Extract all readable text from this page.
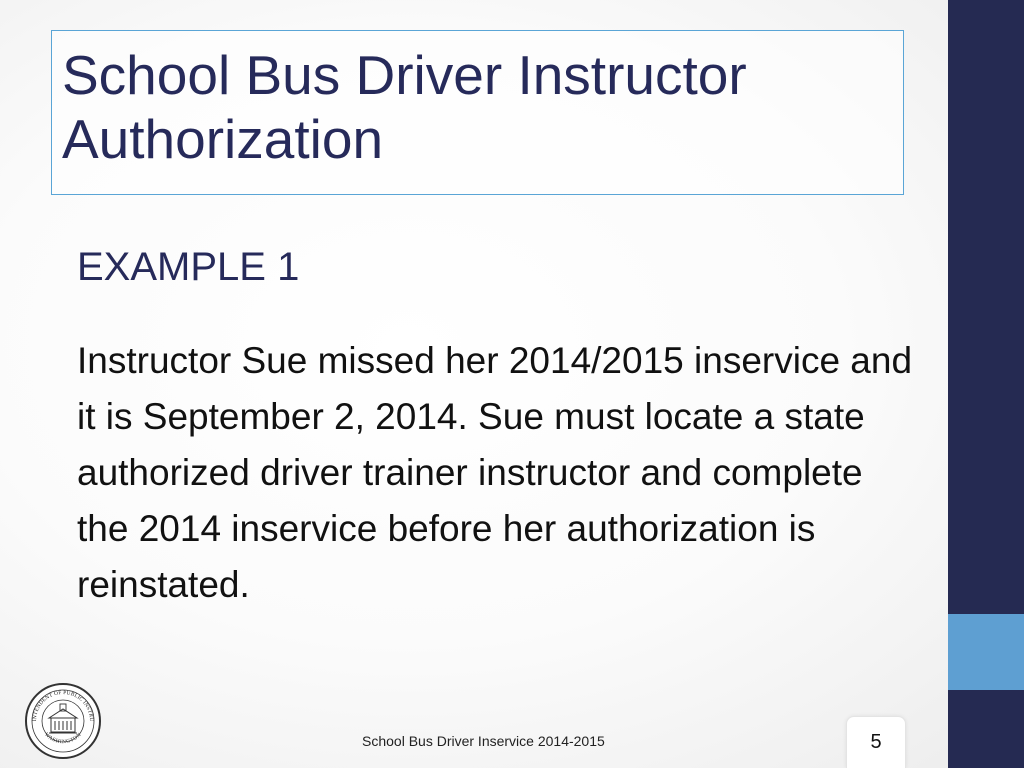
School Bus Driver Instructor Authorization
EXAMPLE 1

Instructor Sue missed her 2014/2015 inservice and it is September 2, 2014. Sue must locate a state authorized driver trainer instructor and complete the 2014 inservice before her authorization is reinstated.

INTENDENT OF PUBLIC INSTRU
WASHINGTON	School Bus Driver Inservice 2014-2015	5
